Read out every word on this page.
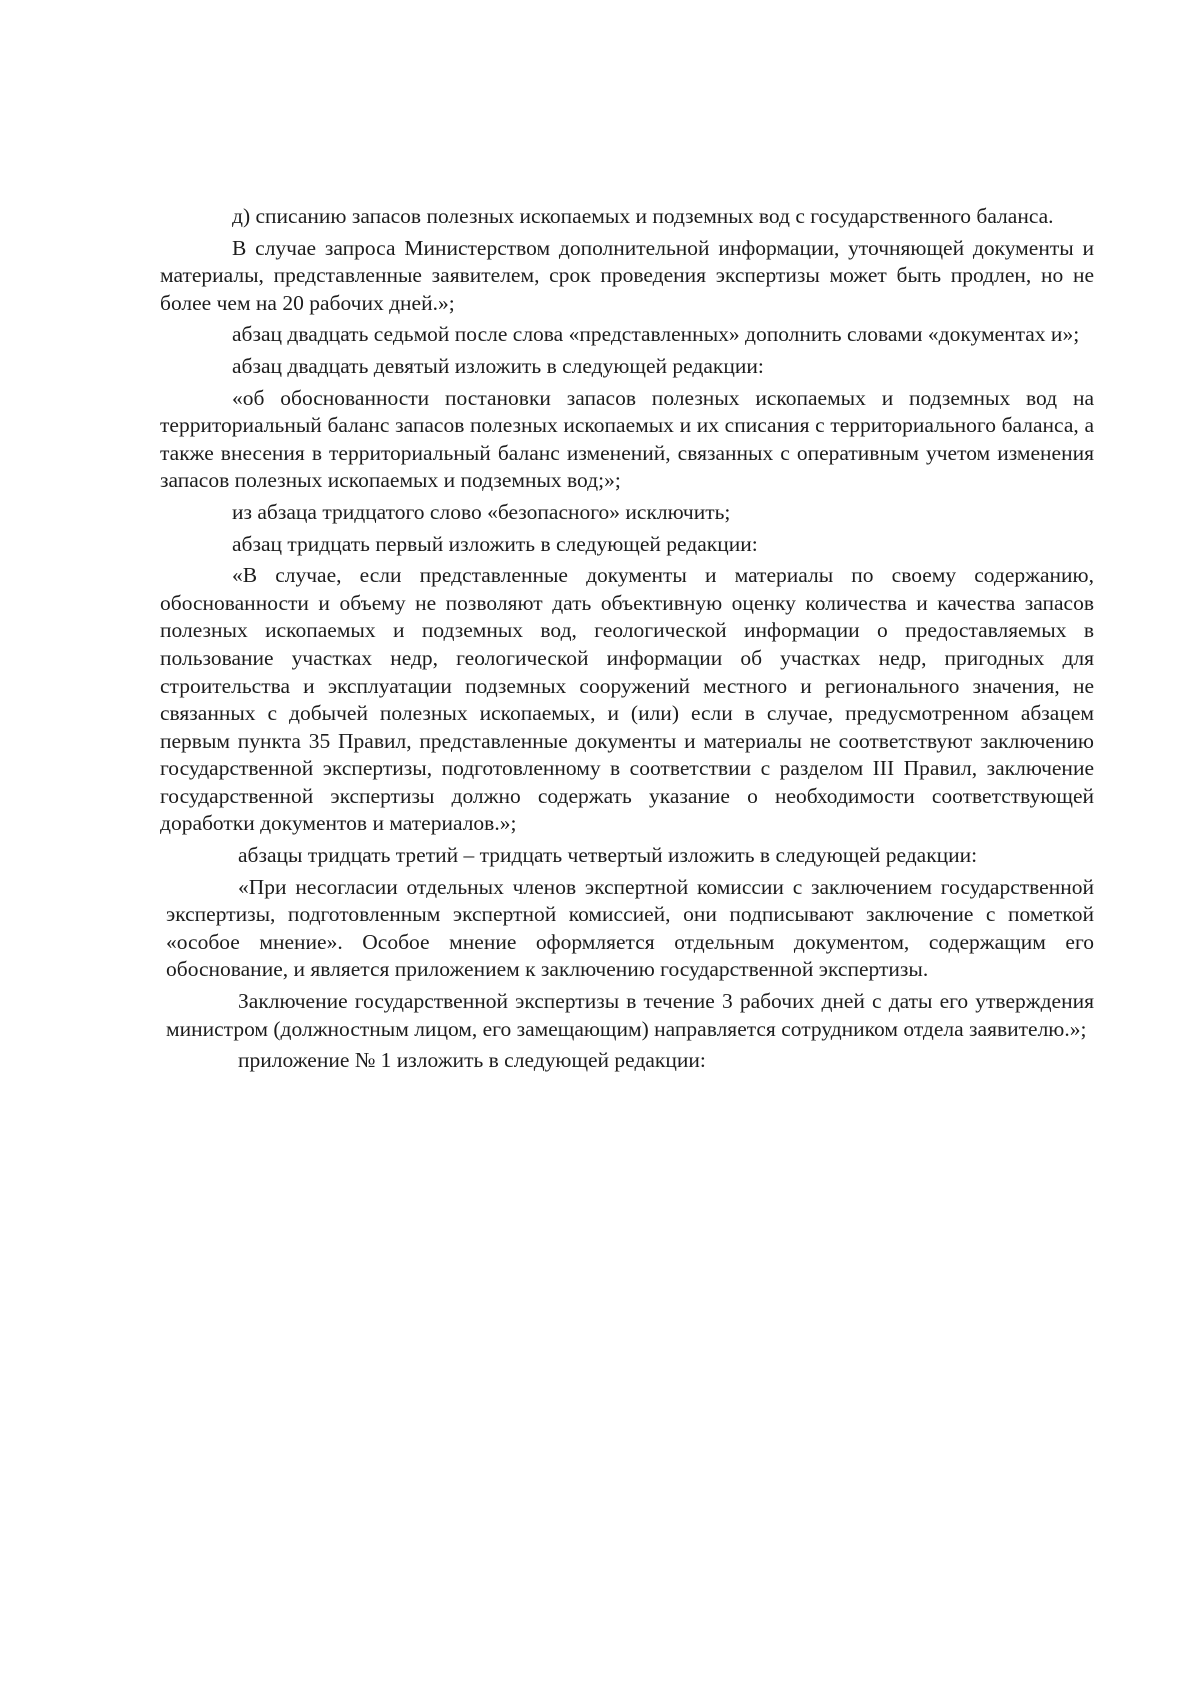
д) списанию запасов полезных ископаемых и подземных вод с государственного баланса.

В случае запроса Министерством дополнительной информации, уточняющей документы и материалы, представленные заявителем, срок проведения экспертизы может быть продлен, но не более чем на 20 рабочих дней.»;

абзац двадцать седьмой после слова «представленных» дополнить словами «документах и»;

абзац двадцать девятый изложить в следующей редакции:

«об обоснованности постановки запасов полезных ископаемых и подземных вод на территориальный баланс запасов полезных ископаемых и их списания с территориального баланса, а также внесения в территориальный баланс изменений, связанных с оперативным учетом изменения запасов полезных ископаемых и подземных вод;»;

из абзаца тридцатого слово «безопасного» исключить;

абзац тридцать первый изложить в следующей редакции:

«В случае, если представленные документы и материалы по своему содержанию, обоснованности и объему не позволяют дать объективную оценку количества и качества запасов полезных ископаемых и подземных вод, геологической информации о предоставляемых в пользование участках недр, геологической информации об участках недр, пригодных для строительства и эксплуатации подземных сооружений местного и регионального значения, не связанных с добычей полезных ископаемых, и (или) если в случае, предусмотренном абзацем первым пункта 35 Правил, представленные документы и материалы не соответствуют заключению государственной экспертизы, подготовленному в соответствии с разделом III Правил, заключение государственной экспертизы должно содержать указание о необходимости соответствующей доработки документов и материалов.»;

абзацы тридцать третий – тридцать четвертый изложить в следующей редакции:

«При несогласии отдельных членов экспертной комиссии с заключением государственной экспертизы, подготовленным экспертной комиссией, они подписывают заключение с пометкой «особое мнение». Особое мнение оформляется отдельным документом, содержащим его обоснование, и является приложением к заключению государственной экспертизы.

Заключение государственной экспертизы в течение 3 рабочих дней с даты его утверждения министром (должностным лицом, его замещающим) направляется сотрудником отдела заявителю.»;

приложение № 1 изложить в следующей редакции:
